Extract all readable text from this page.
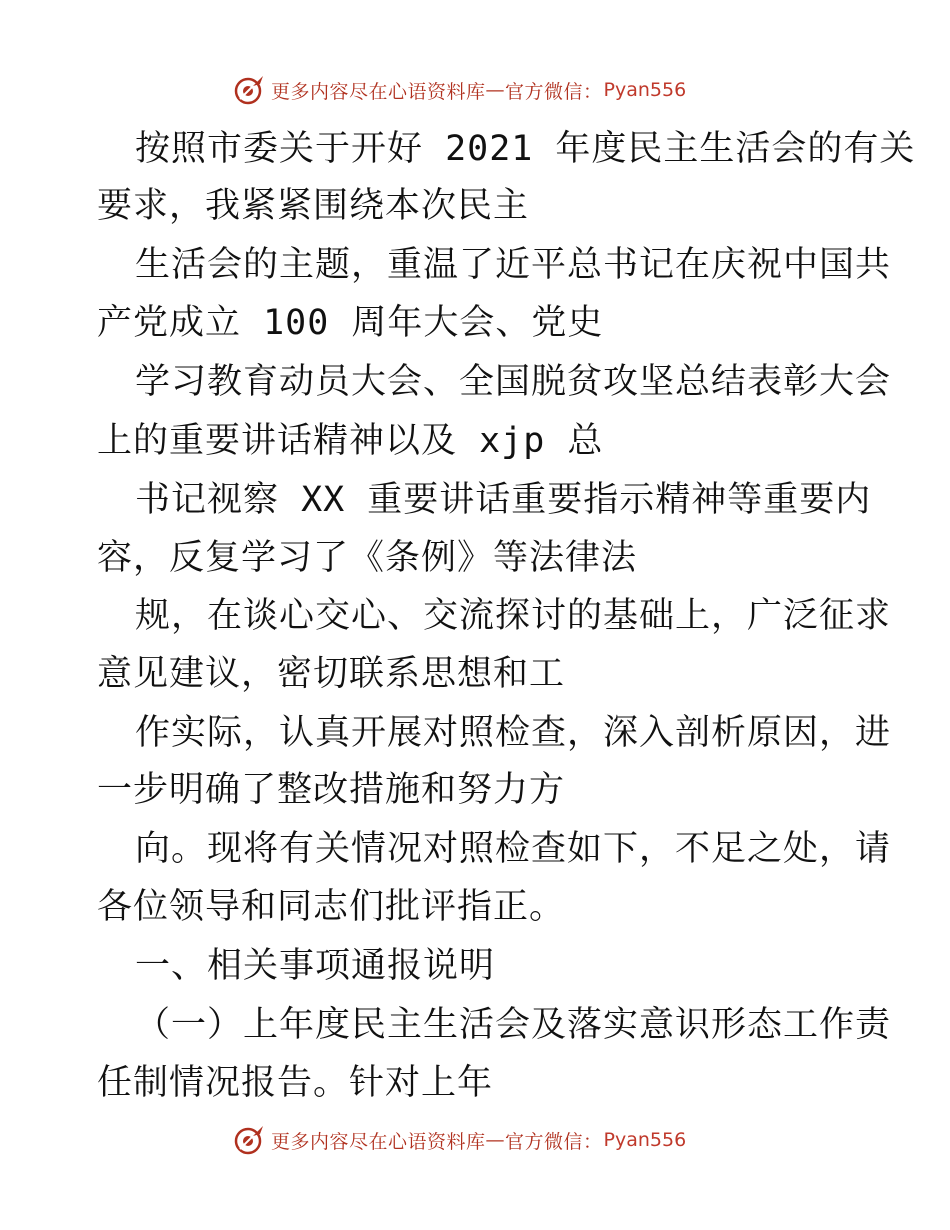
更多内容尽在心语资料库 — 官方微信： Pyan556
按照市委关于开好 2021 年度民主生活会的有关
要求，我紧紧围绕本次民主
生活会的主题，重温了近平总书记在庆祝中国共
产党成立 100 周年大会、党史
学习教育动员大会、全国脱贫攻坚总结表彰大会
上的重要讲话精神以及 xjp 总
书记视察 XX 重要讲话重要指示精神等重要内
容，反复学习了《条例》等法律法
规，在谈心交心、交流探讨的基础上，广泛征求
意见建议，密切联系思想和工
作实际，认真开展对照检查，深入剖析原因，进
一步明确了整改措施和努力方
向。现将有关情况对照检查如下，不足之处，请
各位领导和同志们批评指正。
一、相关事项通报说明
（一）上年度民主生活会及落实意识形态工作责
任制情况报告。针对上年
更多内容尽在心语资料库 — 官方微信： Pyan556
